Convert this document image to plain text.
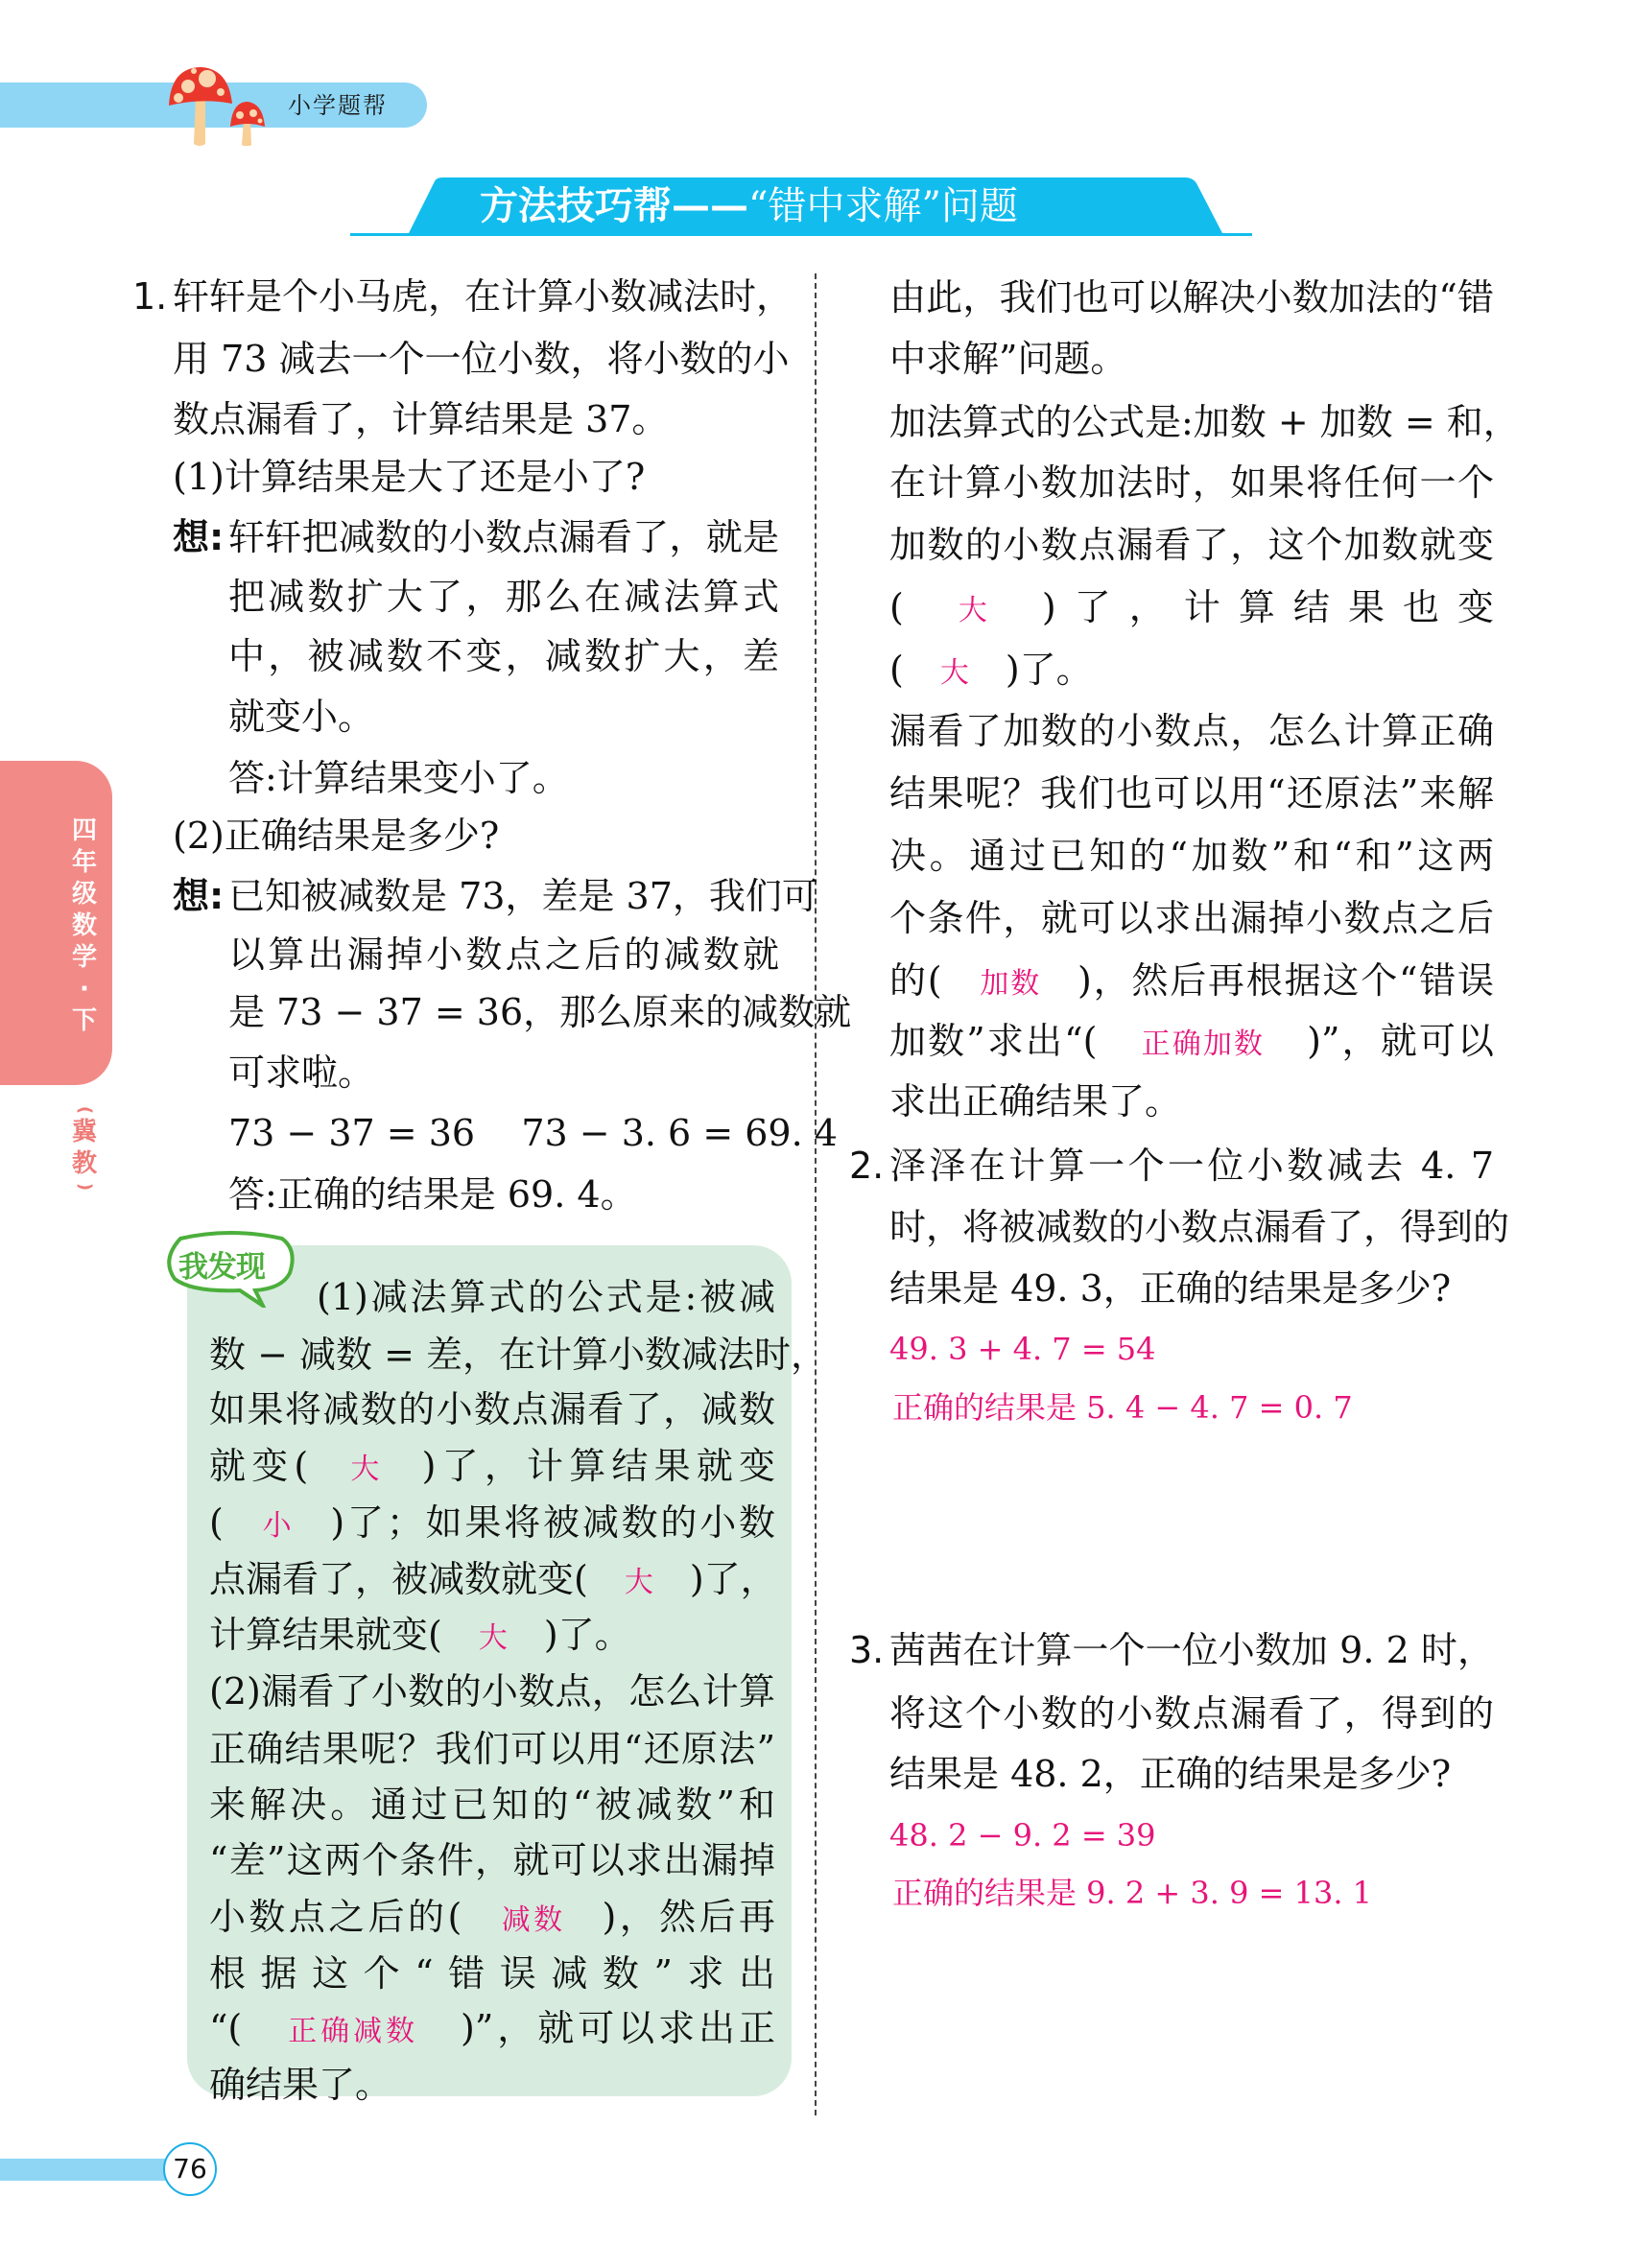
小学题帮
方法技巧帮——“错中求解”问题
四年级数学·下
(
冀教
)
1. 轩轩是个小马虎，在计算小数减法时，
用 73 减去一个一位小数，将小数的小
数点漏看了，计算结果是 37。
(1)计算结果是大了还是小了?
想: 轩轩把减数的小数点漏看了，就是
把减数扩大了，那么在减法算式
中，被减数不变，减数扩大，差
就变小。
答:计算结果变小了。
(2)正确结果是多少?
想: 已知被减数是 73，差是 37，我们可
以算出漏掉小数点之后的减数就
是 73 − 37 = 36，那么原来的减数就
可求啦。
73 − 37 = 36    73 − 3. 6 = 69. 4
答:正确的结果是 69. 4。
我发现
(1)减法算式的公式是:被减
数 − 减数 = 差，在计算小数减法时，
如果将减数的小数点漏看了，减数
就变( 大 )了，计算结果就变
( 小 )了；如果将被减数的小数
点漏看了，被减数就变( 大 )了，
计算结果就变( 大 )了。
(2)漏看了小数的小数点，怎么计算
正确结果呢？我们可以用“还原法”
来解决。通过已知的“被减数”和
“差”这两个条件，就可以求出漏掉
小数点之后的( 减数 )，然后再
根据这个“错误减数”求出
“( 正确减数 )”，就可以求出正
确结果了。
由此，我们也可以解决小数加法的“错
中求解”问题。
加法算式的公式是:加数 + 加数 = 和，
在计算小数加法时，如果将任何一个
加数的小数点漏看了，这个加数就变
( 大 )了，计算结果也变
( 大 )了。
漏看了加数的小数点，怎么计算正确
结果呢？我们也可以用“还原法”来解
决。通过已知的“加数”和“和”这两
个条件，就可以求出漏掉小数点之后
的( 加数 )，然后再根据这个“错误
加数”求出“( 正确加数 )”，就可以
求出正确结果了。
2. 泽泽在计算一个一位小数减去 4. 7
时，将被减数的小数点漏看了，得到的
结果是 49. 3，正确的结果是多少?
49. 3 + 4. 7 = 54
正确的结果是 5. 4 − 4. 7 = 0. 7
3. 茜茜在计算一个一位小数加 9. 2 时，
将这个小数的小数点漏看了，得到的
结果是 48. 2，正确的结果是多少?
48. 2 − 9. 2 = 39
正确的结果是 9. 2 + 3. 9 = 13. 1
76
